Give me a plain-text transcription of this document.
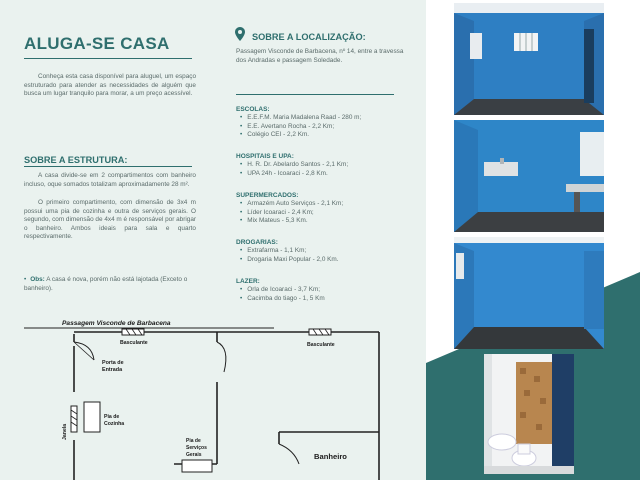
ALUGA-SE CASA
Conheça esta casa disponível para aluguel, um espaço estruturado para atender as necessidades de alguém que busca um lugar tranquilo para morar, a um preço acessível.
SOBRE A ESTRUTURA:
A casa divide-se em 2 compartimentos com banheiro incluso, oque somados totalizam aproximadamente 28 m².
O primeiro compartimento, com dimensão de 3x4 m possui uma pia de cozinha e outra de serviços gerais. O segundo, com dimensão de 4x4 m é responsável por abrigar o banheiro. Ambos ideais para sala e quarto respectivamente.
• Obs: A casa é nova, porém não está lajotada (Exceto o banheiro).
SOBRE A LOCALIZAÇÃO:
Passagem Visconde de Barbacena, nº 14, entre a travessa dos Andradas e passagem Soledade.
ESCOLAS:
• E.E.F.M. Maria Madalena Raad - 280 m;
• E.E. Avertano Rocha - 2,2 Km;
• Colégio CEI - 2,2 Km.
HOSPITAIS E UPA:
• H. R. Dr. Abelardo Santos - 2,1 Km;
• UPA 24h - Icoaraci - 2,8 Km.
SUPERMERCADOS:
• Armazém Auto Serviços - 2,1 Km;
• Líder Icoaraci - 2,4 Km;
• Mix Mateus - 5,3 Km.
DROGARIAS:
• Extrafarma - 1,1 Km;
• Drogaria Maxi Popular - 2,0 Km.
LAZER:
• Orla de Icoaraci - 3,7 Km;
• Cacimba do tiago - 1, 5 Km
Passagem Visconde de Barbacena
Basculante	Basculante
Porta de
Entrada
Janela
Pia de
Cozinha
Pia de
Serviços
Gerais	Banheiro
